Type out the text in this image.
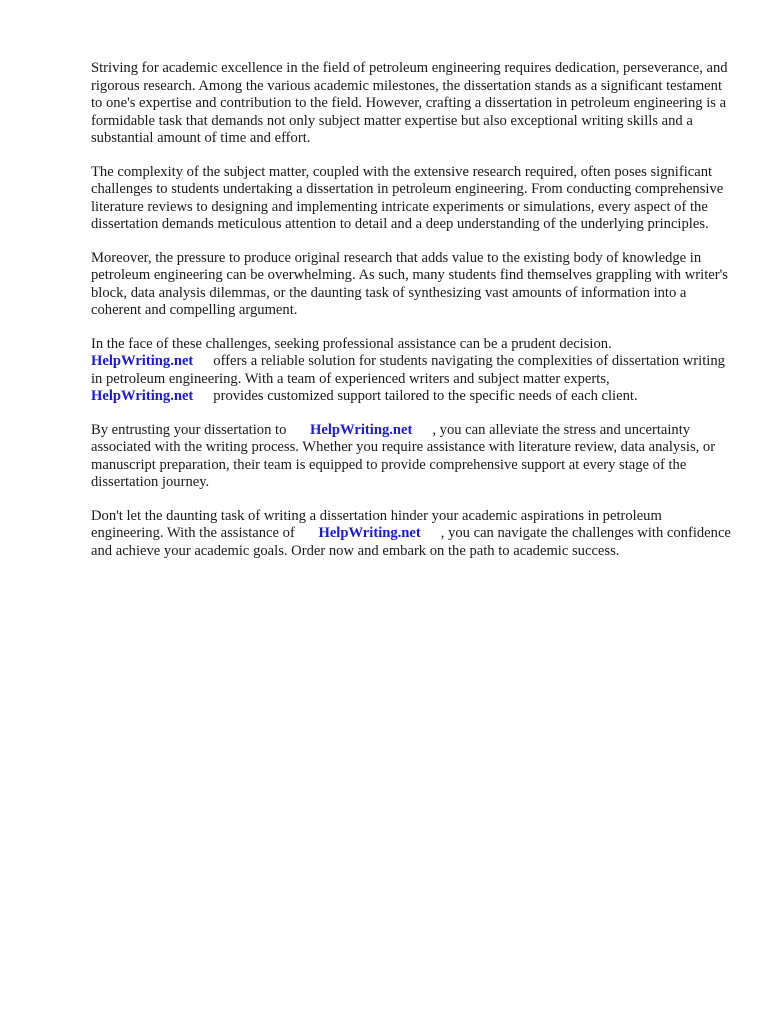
Striving for academic excellence in the field of petroleum engineering requires dedication, perseverance, and rigorous research. Among the various academic milestones, the dissertation stands as a significant testament to one's expertise and contribution to the field. However, crafting a dissertation in petroleum engineering is a formidable task that demands not only subject matter expertise but also exceptional writing skills and a substantial amount of time and effort.

The complexity of the subject matter, coupled with the extensive research required, often poses significant challenges to students undertaking a dissertation in petroleum engineering. From conducting comprehensive literature reviews to designing and implementing intricate experiments or simulations, every aspect of the dissertation demands meticulous attention to detail and a deep understanding of the underlying principles.

Moreover, the pressure to produce original research that adds value to the existing body of knowledge in petroleum engineering can be overwhelming. As such, many students find themselves grappling with writer's block, data analysis dilemmas, or the daunting task of synthesizing vast amounts of information into a coherent and compelling argument.

In the face of these challenges, seeking professional assistance can be a prudent decision.
HelpWriting.net offers a reliable solution for students navigating the complexities of dissertation writing in petroleum engineering. With a team of experienced writers and subject matter experts,
HelpWriting.net provides customized support tailored to the specific needs of each client.

By entrusting your dissertation to HelpWriting.net , you can alleviate the stress and uncertainty associated with the writing process. Whether you require assistance with literature review, data analysis, or manuscript preparation, their team is equipped to provide comprehensive support at every stage of the dissertation journey.

Don't let the daunting task of writing a dissertation hinder your academic aspirations in petroleum engineering. With the assistance of HelpWriting.net , you can navigate the challenges with confidence and achieve your academic goals. Order now and embark on the path to academic success.
